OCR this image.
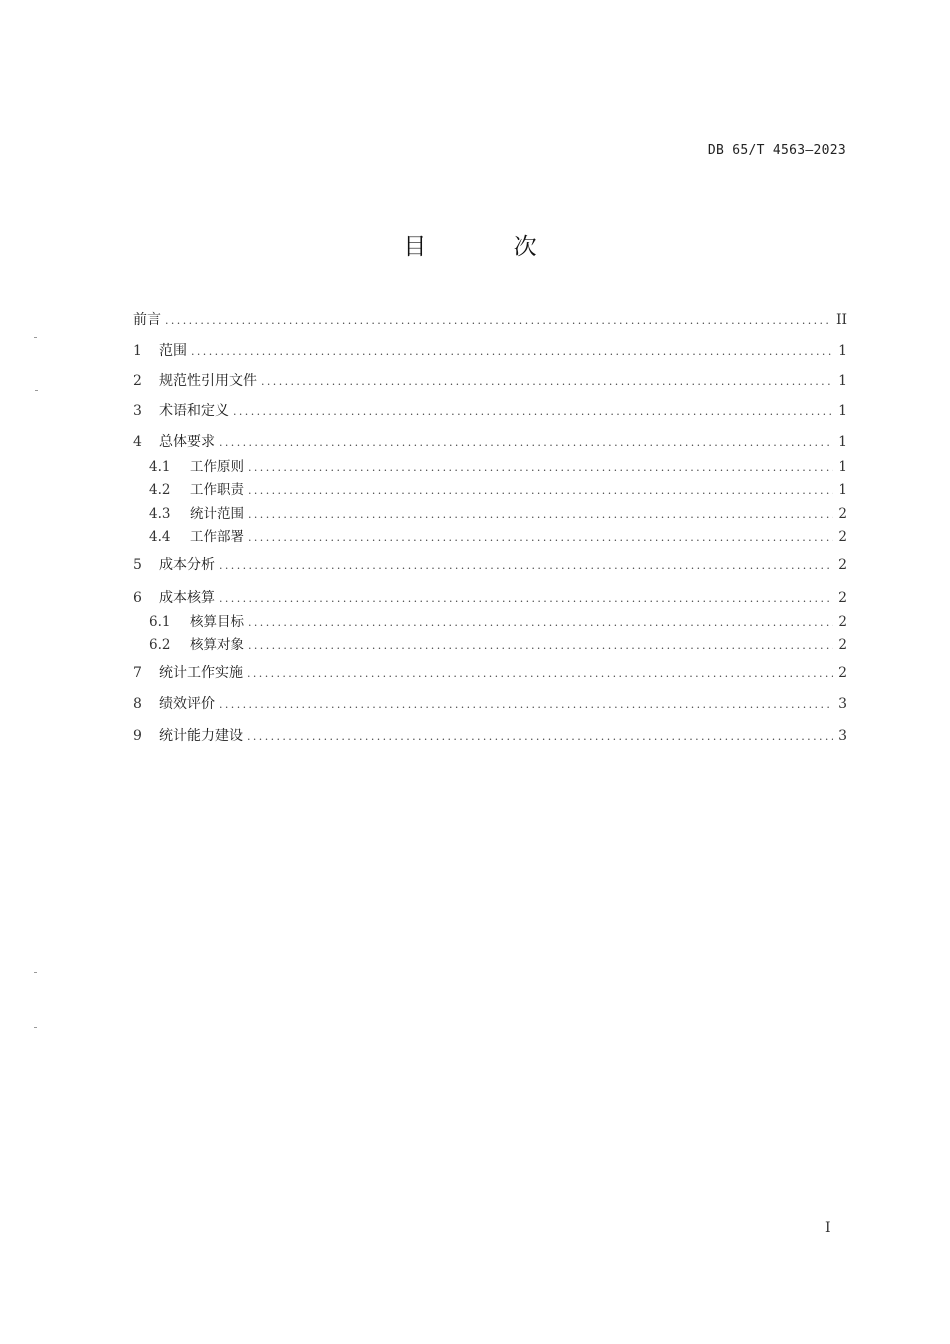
DB 65/T 4563—2023
目 次
前言 .....	II
1	范围 .....	1
2	规范性引用文件 .....	1
3	术语和定义 .....	1
4	总体要求 .....	1
4.1	工作原则 .....	1
4.2	工作职责 .....	1
4.3	统计范围 .....	2
4.4	工作部署 .....	2
5	成本分析 .....	2
6	成本核算 .....	2
6.1	核算目标 .....	2
6.2	核算对象 .....	2
7	统计工作实施 .....	2
8	绩效评价 .....	3
9	统计能力建设 .....	3
I
